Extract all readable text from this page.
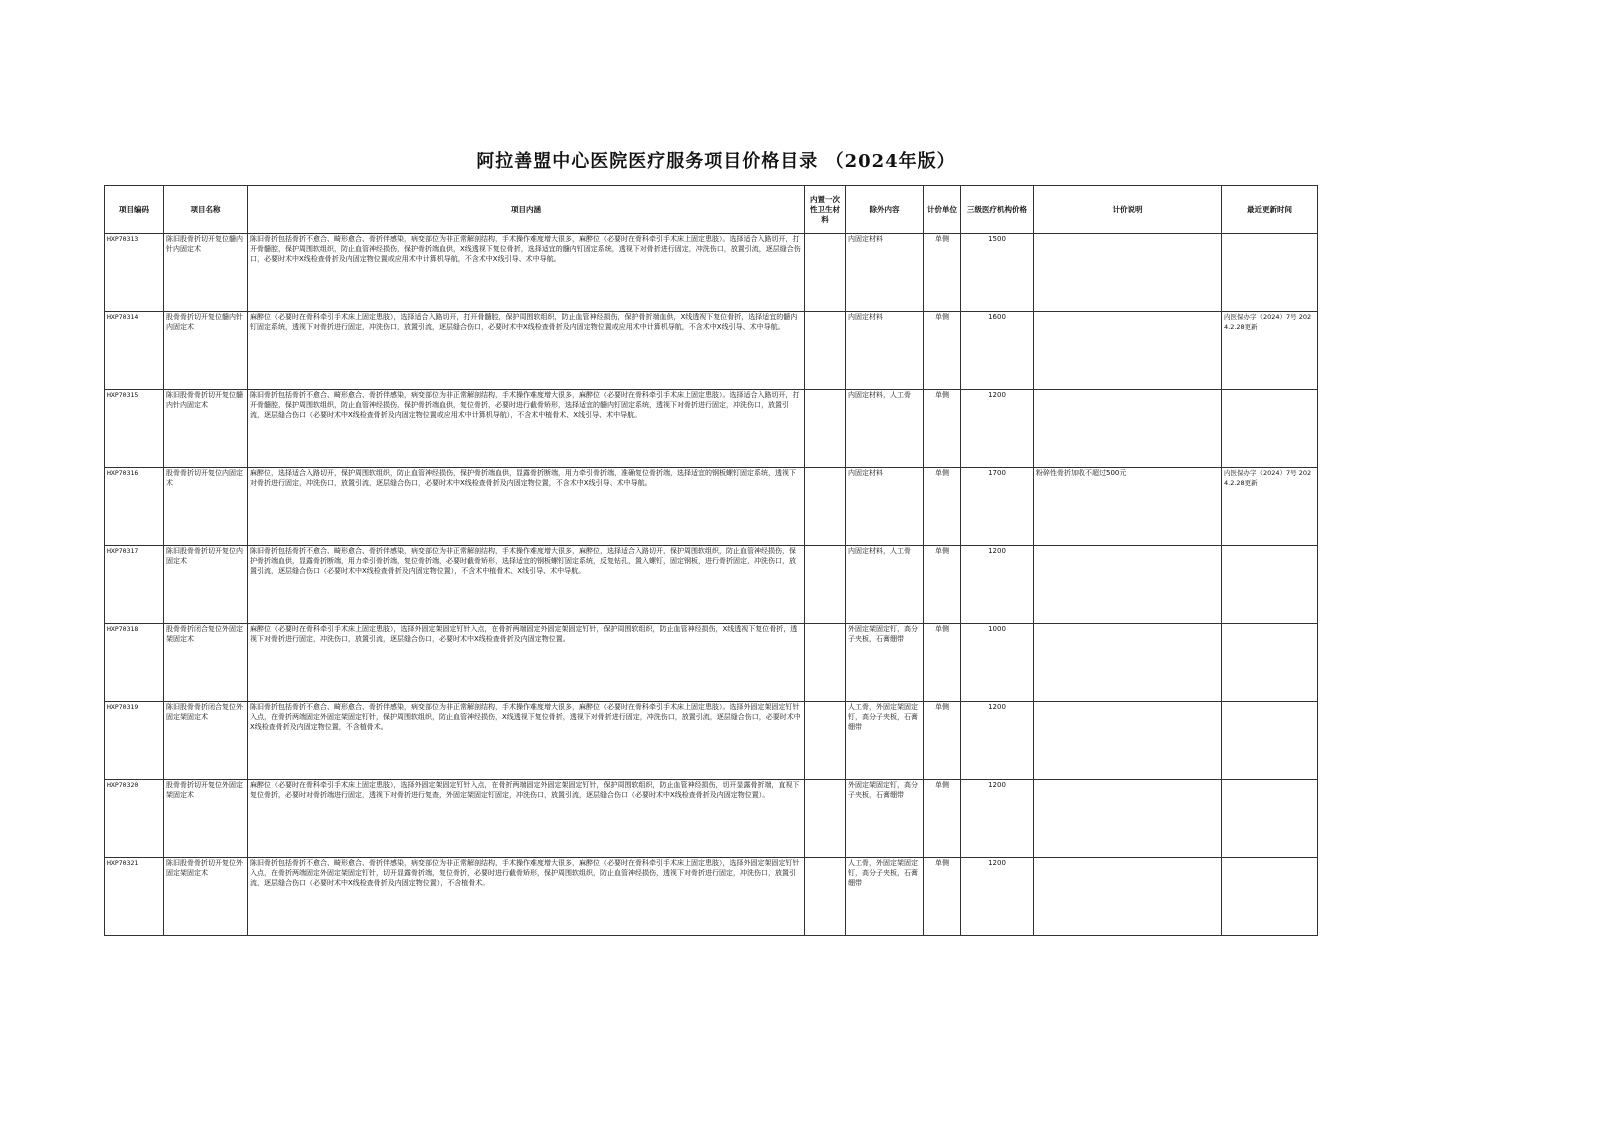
阿拉善盟中心医院医疗服务项目价格目录 （2024年版）
项目编码	项目名称	项目内涵	内置一次性卫生材料	除外内容	计价单位	三级医疗机构价格	计价说明	最近更新时间
HXP70313	陈旧股骨折切开复位髓内针内固定术	陈旧骨折包括骨折不愈合、畸形愈合、骨折伴感染，病变部位为非正常解剖结构，手术操作难度增大很多，麻醉位（必要时在骨科牵引手术床上固定患肢）。选择适合入路切开，打开骨髓腔，保护周围软组织，防止血管神经损伤，保护骨折端血供，X线透视下复位骨折，选择适宜的髓内钉固定系统，透视下对骨折进行固定，冲洗伤口，放置引流，逐层缝合伤口，必要时术中X线检查骨折及内固定物位置或应用术中计算机导航，不含术中X线引导、术中导航。		内固定材料	单侧	1500		
HXP70314	股骨骨折切开复位髓内针内固定术	麻醉位（必要时在骨科牵引手术床上固定患肢），选择适合入路切开，打开骨髓腔，保护周围软组织，防止血管神经损伤，保护骨折端血供，X线透视下复位骨折，选择适宜的髓内钉固定系统，透视下对骨折进行固定，冲洗伤口，放置引流，逐层缝合伤口，必要时术中X线检查骨折及内固定物位置或应用术中计算机导航，不含术中X线引导、术中导航。		内固定材料	单侧	1600		内医保办字（2024）7号 2024.2.28更新
HXP70315	陈旧股骨骨折切开复位髓内针内固定术	陈旧骨折包括骨折不愈合、畸形愈合、骨折伴感染，病变部位为非正常解剖结构，手术操作难度增大很多，麻醉位（必要时在骨科牵引手术床上固定患肢）。选择适合入路切开，打开骨髓腔，保护周围软组织，防止血管神经损伤，保护骨折端血供，复位骨折，必要时进行截骨矫形，选择适宜的髓内钉固定系统，透视下对骨折进行固定，冲洗伤口，放置引流，逐层缝合伤口（必要时术中X线检查骨折及内固定物位置或应用术中计算机导航），不含术中植骨术、X线引导、术中导航。		内固定材料，人工骨	单侧	1200		
HXP70316	股骨骨折切开复位内固定术	麻醉位，选择适合入路切开，保护周围软组织，防止血管神经损伤，保护骨折端血供，显露骨折断端，用力牵引骨折端，准确复位骨折端，选择适宜的钢板螺钉固定系统，透视下对骨折进行固定，冲洗伤口，放置引流，逐层缝合伤口，必要时术中X线检查骨折及内固定物位置，不含术中X线引导、术中导航。		内固定材料	单侧	1700	粉碎性骨折加收不超过500元	内医保办字（2024）7号 2024.2.28更新
HXP70317	陈旧股骨骨折切开复位内固定术	陈旧骨折包括骨折不愈合、畸形愈合、骨折伴感染，病变部位为非正常解剖结构，手术操作难度增大很多，麻醉位，选择适合入路切开，保护周围软组织，防止血管神经损伤，保护骨折端血供，显露骨折断端，用力牵引骨折端，复位骨折端，必要时截骨矫形，选择适宜的钢板螺钉固定系统，反复钻孔，置入螺钉，固定钢板，进行骨折固定，冲洗伤口，放置引流，逐层缝合伤口（必要时术中X线检查骨折及内固定物位置），不含术中植骨术、X线引导、术中导航。		内固定材料，人工骨	单侧	1200		
HXP70318	股骨骨折闭合复位外固定架固定术	麻醉位（必要时在骨科牵引手术床上固定患肢），选择外固定架固定钉针入点，在骨折两端固定外固定架固定钉针，保护周围软组织，防止血管神经损伤，X线透视下复位骨折，透视下对骨折进行固定，冲洗伤口，放置引流，逐层缝合伤口，必要时术中X线检查骨折及内固定物位置。		外固定架固定钉，高分子夹板，石膏绷带	单侧	1000		
HXP70319	陈旧股骨骨折闭合复位外固定架固定术	陈旧骨折包括骨折不愈合、畸形愈合、骨折伴感染，病变部位为非正常解剖结构，手术操作难度增大很多，麻醉位（必要时在骨科牵引手术床上固定患肢）。选择外固定架固定钉针入点，在骨折两端固定外固定架固定钉针，保护周围软组织，防止血管神经损伤，X线透视下复位骨折，透视下对骨折进行固定，冲洗伤口，放置引流，逐层缝合伤口，必要时术中X线检查骨折及内固定物位置，不含植骨术。		人工骨，外固定架固定钉，高分子夹板，石膏绷带	单侧	1200		
HXP70320	股骨骨折切开复位外固定架固定术	麻醉位（必要时在骨科牵引手术床上固定患肢），选择外固定架固定钉针入点，在骨折两端固定外固定架固定钉针，保护周围软组织，防止血管神经损伤，切开显露骨折端，直视下复位骨折，必要时对骨折端进行固定，透视下对骨折进行复查，外固定架固定钉固定，冲洗伤口，放置引流，逐层缝合伤口（必要时术中X线检查骨折及内固定物位置）。		外固定架固定钉，高分子夹板，石膏绷带	单侧	1200		
HXP70321	陈旧股骨骨折切开复位外固定架固定术	陈旧骨折包括骨折不愈合、畸形愈合、骨折伴感染，病变部位为非正常解剖结构，手术操作难度增大很多，麻醉位（必要时在骨科牵引手术床上固定患肢），选择外固定架固定钉针入点，在骨折两端固定外固定架固定钉针，切开显露骨折端，复位骨折，必要时进行截骨矫形，保护周围软组织，防止血管神经损伤，透视下对骨折进行固定，冲洗伤口，放置引流，逐层缝合伤口（必要时术中X线检查骨折及内固定物位置），不含植骨术。		人工骨，外固定架固定钉，高分子夹板，石膏绷带	单侧	1200		
